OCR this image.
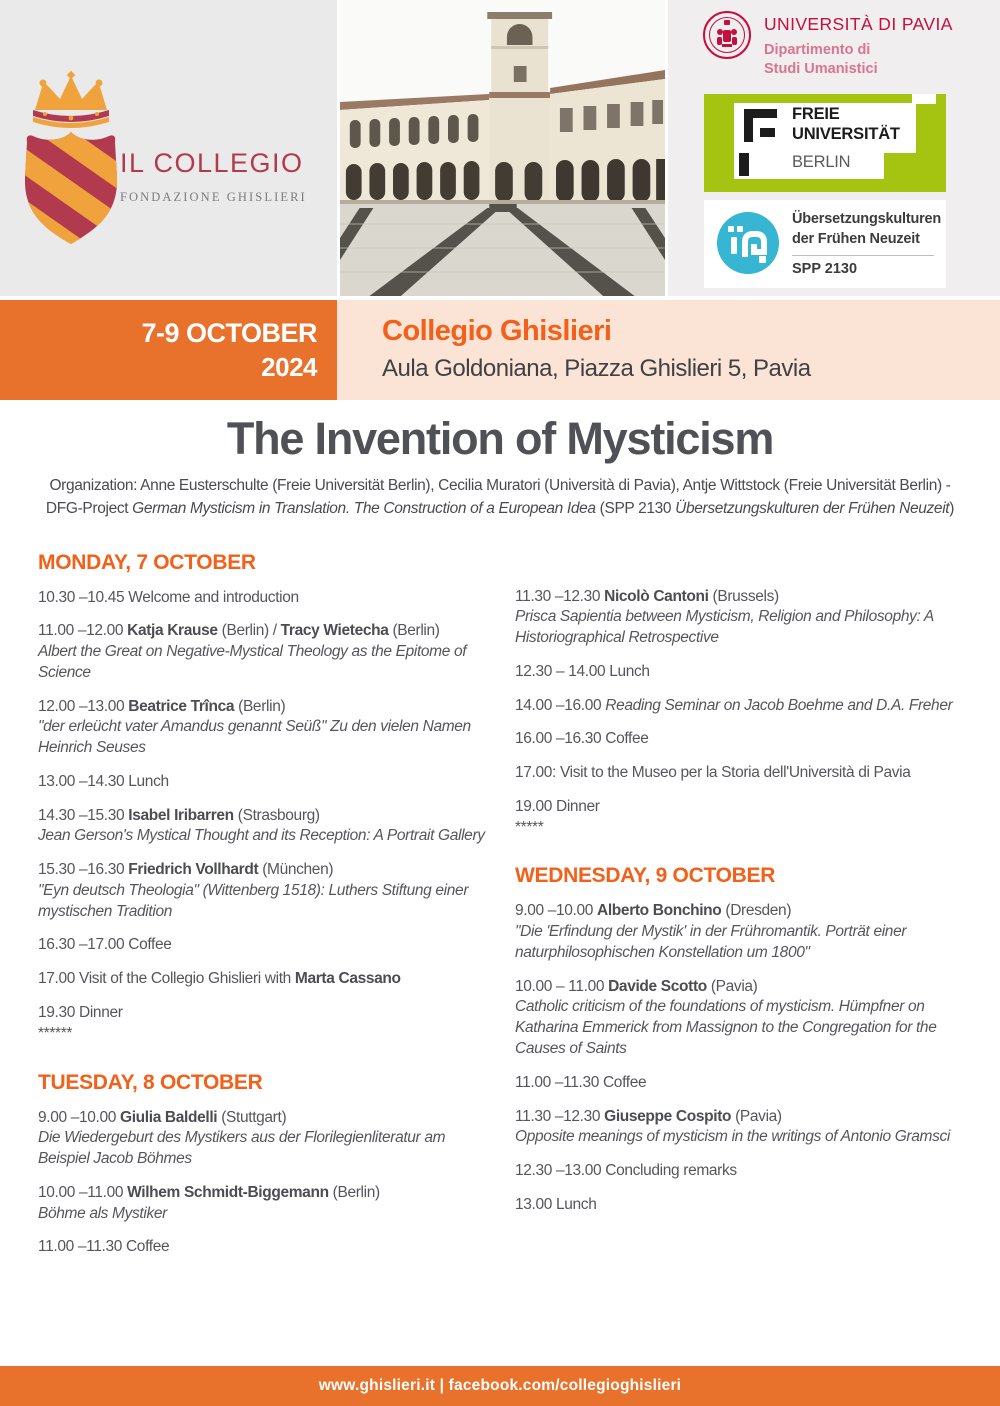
IL COLLEGIO
FONDAZIONE GHISLIERI
UNIVERSITÀ DI PAVIA
Dipartimento di
Studi Umanistici
FREIE
UNIVERSITÄT
BERLIN
Übersetzungskulturen
der Frühen Neuzeit
SPP 2130
7-9 OCTOBER
2024
Collegio Ghislieri
Aula Goldoniana, Piazza Ghislieri 5, Pavia
The Invention of Mysticism
Organization: Anne Eusterschulte (Freie Universität Berlin), Cecilia Muratori (Università di Pavia), Antje Wittstock (Freie Universität Berlin) -
DFG-Project German Mysticism in Translation. The Construction of a European Idea (SPP 2130 Übersetzungskulturen der Frühen Neuzeit)
MONDAY, 7 OCTOBER
10.30 –10.45 Welcome and introduction
11.00 –12.00 Katja Krause (Berlin) / Tracy Wietecha (Berlin)
Albert the Great on Negative-Mystical Theology as the Epitome of Science
12.00 –13.00 Beatrice Trînca (Berlin)
"der erleücht vater Amandus genannt Seüß" Zu den vielen Namen Heinrich Seuses
13.00 –14.30 Lunch
14.30 –15.30 Isabel Iribarren (Strasbourg)
Jean Gerson's Mystical Thought and its Reception: A Portrait Gallery
15.30 –16.30 Friedrich Vollhardt (München)
"Eyn deutsch Theologia" (Wittenberg 1518): Luthers Stiftung einer mystischen Tradition
16.30 –17.00 Coffee
17.00 Visit of the Collegio Ghislieri with Marta Cassano
19.30 Dinner
******
TUESDAY, 8 OCTOBER
9.00 –10.00 Giulia Baldelli (Stuttgart)
Die Wiedergeburt des Mystikers aus der Florilegienliteratur am Beispiel Jacob Böhmes
10.00 –11.00 Wilhem Schmidt-Biggemann (Berlin)
Böhme als Mystiker
11.00 –11.30 Coffee
11.30 –12.30 Nicolò Cantoni (Brussels)
Prisca Sapientia between Mysticism, Religion and Philosophy: A Historiographical Retrospective
12.30 – 14.00 Lunch
14.00 –16.00 Reading Seminar on Jacob Boehme and D.A. Freher
16.00 –16.30 Coffee
17.00: Visit to the Museo per la Storia dell'Università di Pavia
19.00 Dinner
*****
WEDNESDAY, 9 OCTOBER
9.00 –10.00 Alberto Bonchino (Dresden)
"Die 'Erfindung der Mystik' in der Frühromantik. Porträt einer naturphilosophischen Konstellation um 1800"
10.00 – 11.00 Davide Scotto (Pavia)
Catholic criticism of the foundations of mysticism. Hümpfner on Katharina Emmerick from Massignon to the Congregation for the Causes of Saints
11.00 –11.30 Coffee
11.30 –12.30 Giuseppe Cospito (Pavia)
Opposite meanings of mysticism in the writings of Antonio Gramsci
12.30 –13.00 Concluding remarks
13.00 Lunch
www.ghislieri.it | facebook.com/collegioghislieri
